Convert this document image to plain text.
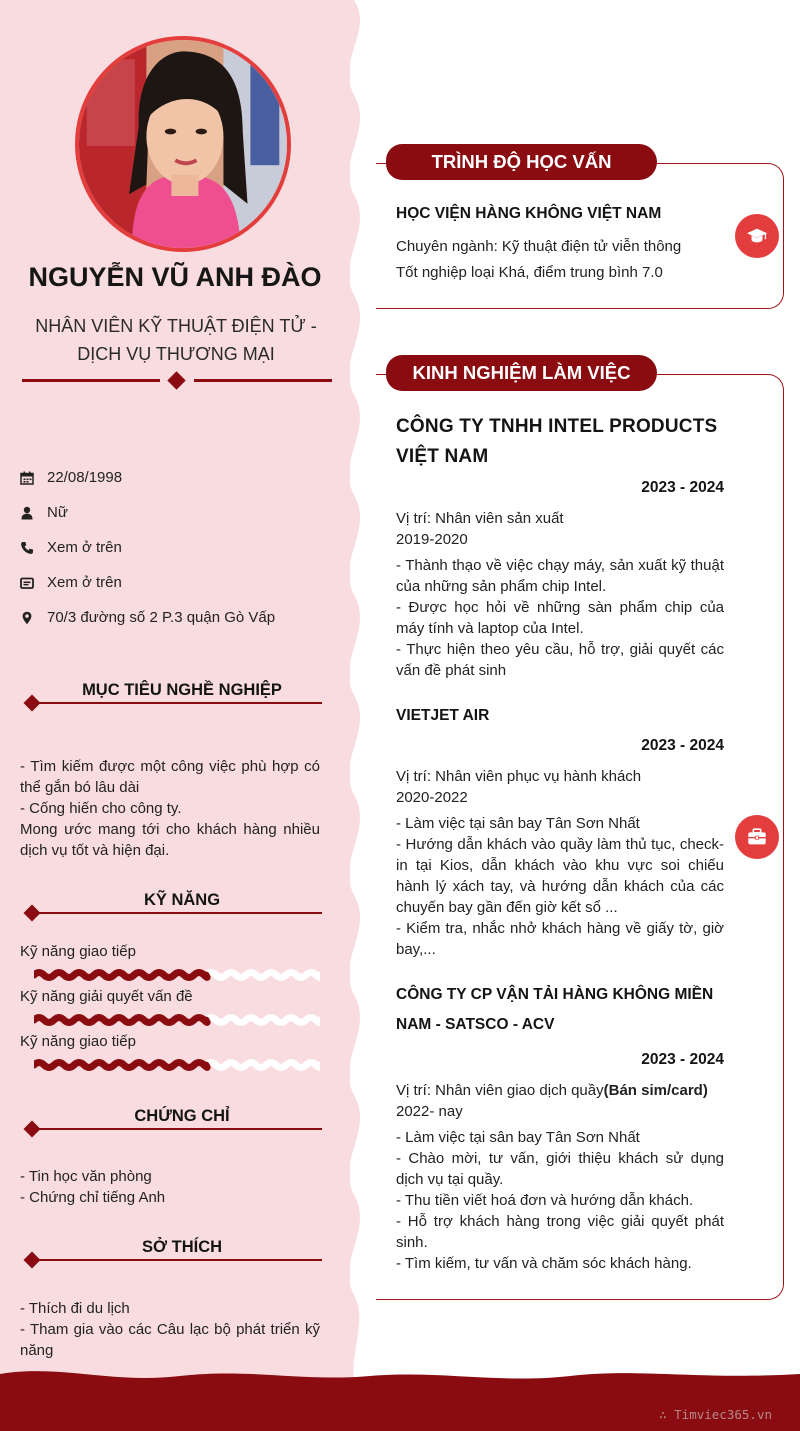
NGUYỄN VŨ ANH ĐÀO
NHÂN VIÊN KỸ THUẬT ĐIỆN TỬ -
DỊCH VỤ THƯƠNG MẠI
22/08/1998
Nữ
Xem ở trên
Xem ở trên
70/3 đường số 2 P.3 quận Gò Vấp
MỤC TIÊU NGHỀ NGHIỆP
- Tìm kiếm được một công việc phù hợp có thể gắn bó lâu dài
- Cống hiến cho công ty.
Mong ước mang tới cho khách hàng nhiều dịch vụ tốt và hiện đại.
KỸ NĂNG
Kỹ năng giao tiếp
Kỹ năng giải quyết vấn đề
Kỹ năng giao tiếp
CHỨNG CHỈ
- Tin học văn phòng
- Chứng chỉ tiếng Anh
SỞ THÍCH
- Thích đi du lịch
- Tham gia vào các Câu lạc bộ phát triển kỹ năng
TRÌNH ĐỘ HỌC VẤN
HỌC VIỆN HÀNG KHÔNG VIỆT NAM
Chuyên ngành: Kỹ thuật điện tử viễn thông
Tốt nghiệp loại Khá, điểm trung bình 7.0
KINH NGHIỆM LÀM VIỆC
CÔNG TY TNHH INTEL PRODUCTS VIỆT NAM
2023 - 2024
Vị trí: Nhân viên sản xuất
2019-2020
- Thành thạo về việc chạy máy, sản xuất kỹ thuật của những sản phẩm chip Intel.
- Được học hỏi về những sàn phẩm chip của máy tính và laptop của Intel.
- Thực hiện theo yêu cầu, hỗ trợ, giải quyết các vấn đề phát sinh
VIETJET AIR
2023 - 2024
Vị trí: Nhân viên phục vụ hành khách
2020-2022
- Làm việc tại sân bay Tân Sơn Nhất
- Hướng dẫn khách vào quầy làm thủ tục, check-in tại Kios, dẫn khách vào khu vực soi chiếu hành lý xách tay, và hướng dẫn khách của các chuyến bay gần đến giờ kết sổ ...
- Kiểm tra, nhắc nhở khách hàng về giấy tờ, giờ bay,...
CÔNG TY CP VẬN TẢI HÀNG KHÔNG MIỀN
NAM - SATSCO - ACV
2023 - 2024
Vị trí: Nhân viên giao dịch quầy(Bán sim/card)
2022- nay
- Làm việc tại sân bay Tân Sơn Nhất
- Chào mời, tư vấn, giới thiệu khách sử dụng dịch vụ tại quầy.
- Thu tiền viết hoá đơn và hướng dẫn khách.
- Hỗ trợ khách hàng trong việc giải quyết phát sinh.
- Tìm kiếm, tư vấn và chăm sóc khách hàng.
∴ Timviec365.vn
